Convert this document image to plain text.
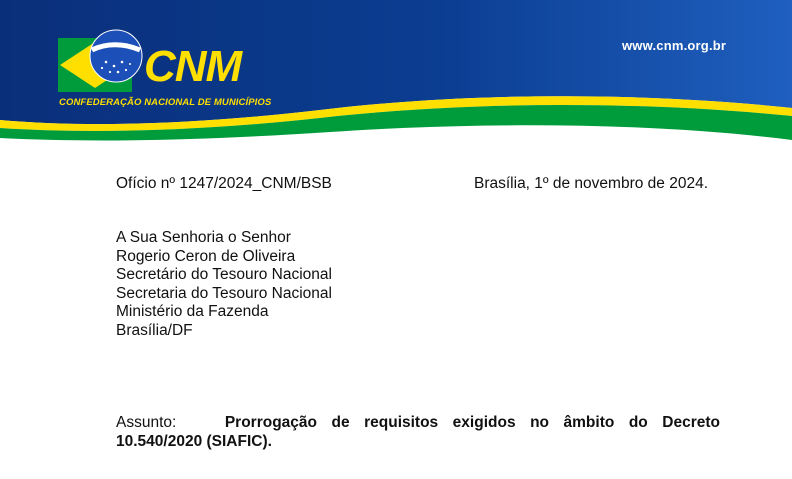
CNM
CONFEDERAÇÃO NACIONAL DE MUNICÍPIOS
www.cnm.org.br
Ofício nº 1247/2024_CNM/BSB	Brasília, 1º de novembro de 2024.
A Sua Senhoria o Senhor
Rogerio Ceron de Oliveira
Secretário do Tesouro Nacional
Secretaria do Tesouro Nacional
Ministério da Fazenda
Brasília/DF
Assunto:	Prorrogação de requisitos exigidos no âmbito do Decreto 10.540/2020 (SIAFIC).
